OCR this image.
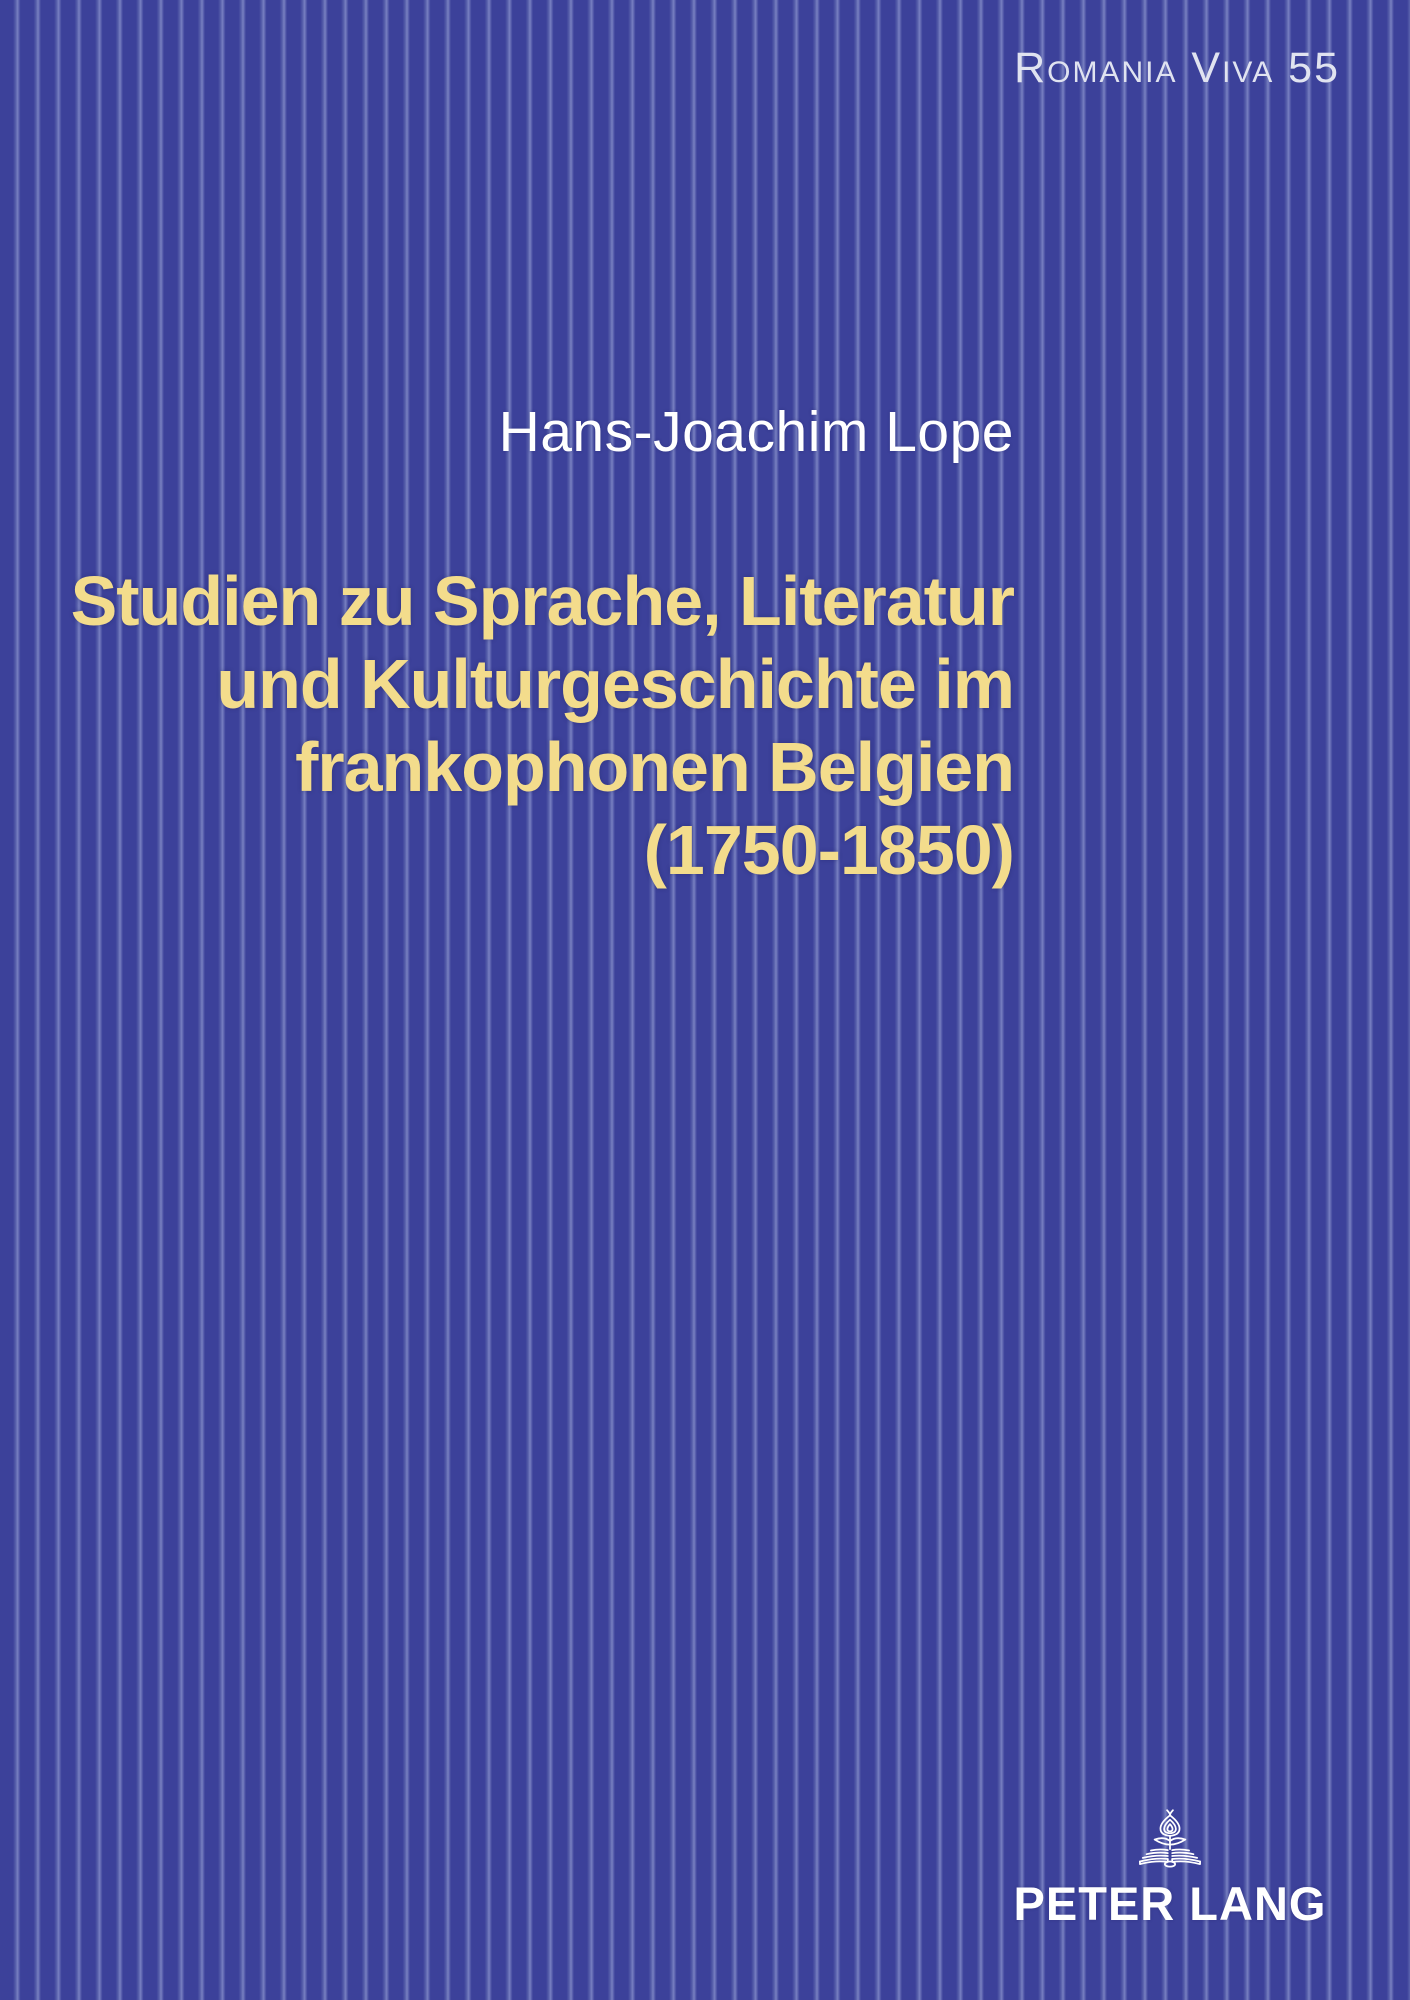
Romania Viva 55
Hans-Joachim Lope
Studien zu Sprache, Literatur
und Kulturgeschichte im
frankophonen Belgien
(1750-1850)
PETER LANG
